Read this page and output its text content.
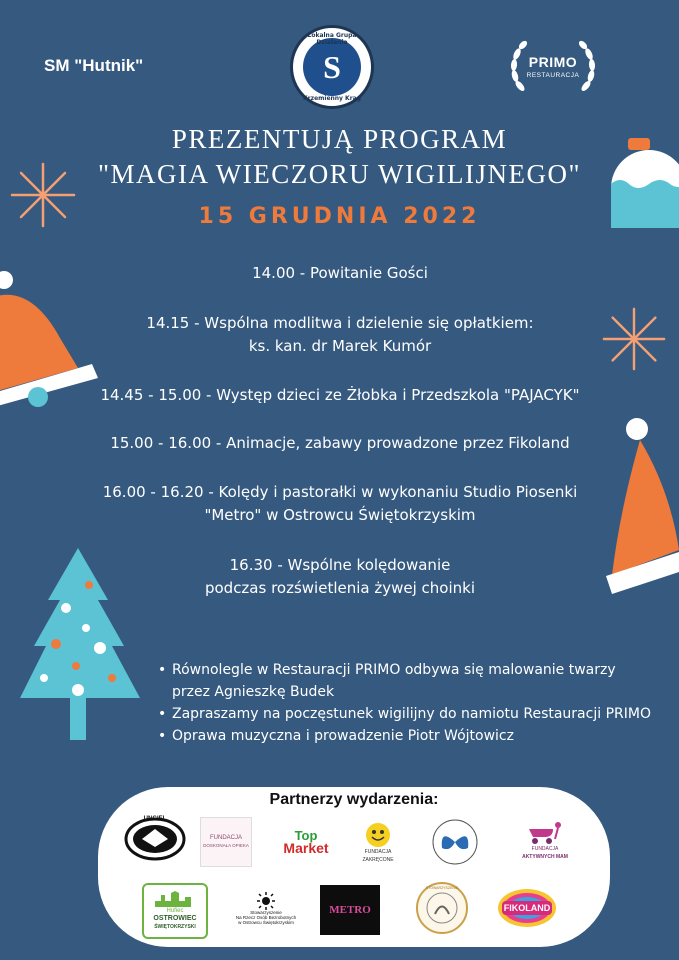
SM "Hutnik"
Lokalna Grupa Działania
S
Krzemienny Krąg
PRIMO
RESTAURACJA
PREZENTUJĄ PROGRAM
"MAGIA WIECZORU WIGILIJNEGO"
15 GRUDNIA 2022
14.00 - Powitanie Gości
14.15 - Wspólna modlitwa i dzielenie się opłatkiem:
ks. kan. dr Marek Kumór
14.45 - 15.00 - Występ dzieci ze Żłobka i Przedszkola "PAJACYK"
15.00 - 16.00 - Animacje, zabawy prowadzone przez Fikoland
16.00 - 16.20 - Kolędy i pastorałki w wykonaniu Studio Piosenki
"Metro" w Ostrowcu Świętokrzyskim
16.30 - Wspólne kolędowanie
podczas rozświetlenia żywej choinki
• Równolegle w Restauracji PRIMO odbywa się malowanie twarzy
przez Agnieszkę Budek
• Zapraszamy na poczęstunek wigilijny do namiotu Restauracji PRIMO
• Oprawa muzyczna i prowadzenie Piotr Wójtowicz
Partnerzy wydarzenia:
UNGIEL
FUNDACJA
DOSKONAŁA OPIEKA
Top
Market	FUNDACJA ZAKRĘCONE
FUNDACJA
AKTYWNYCH MAM
Hufiec
OSTROWIEC
ŚWIĘTOKRZYSKI
Stowarzyszenie
Na Rzecz Osób Bezrobotnych
w Ostrowcu Świętokrzyskim
METRO
STOWARZYSZENIE
FIKOLAND
